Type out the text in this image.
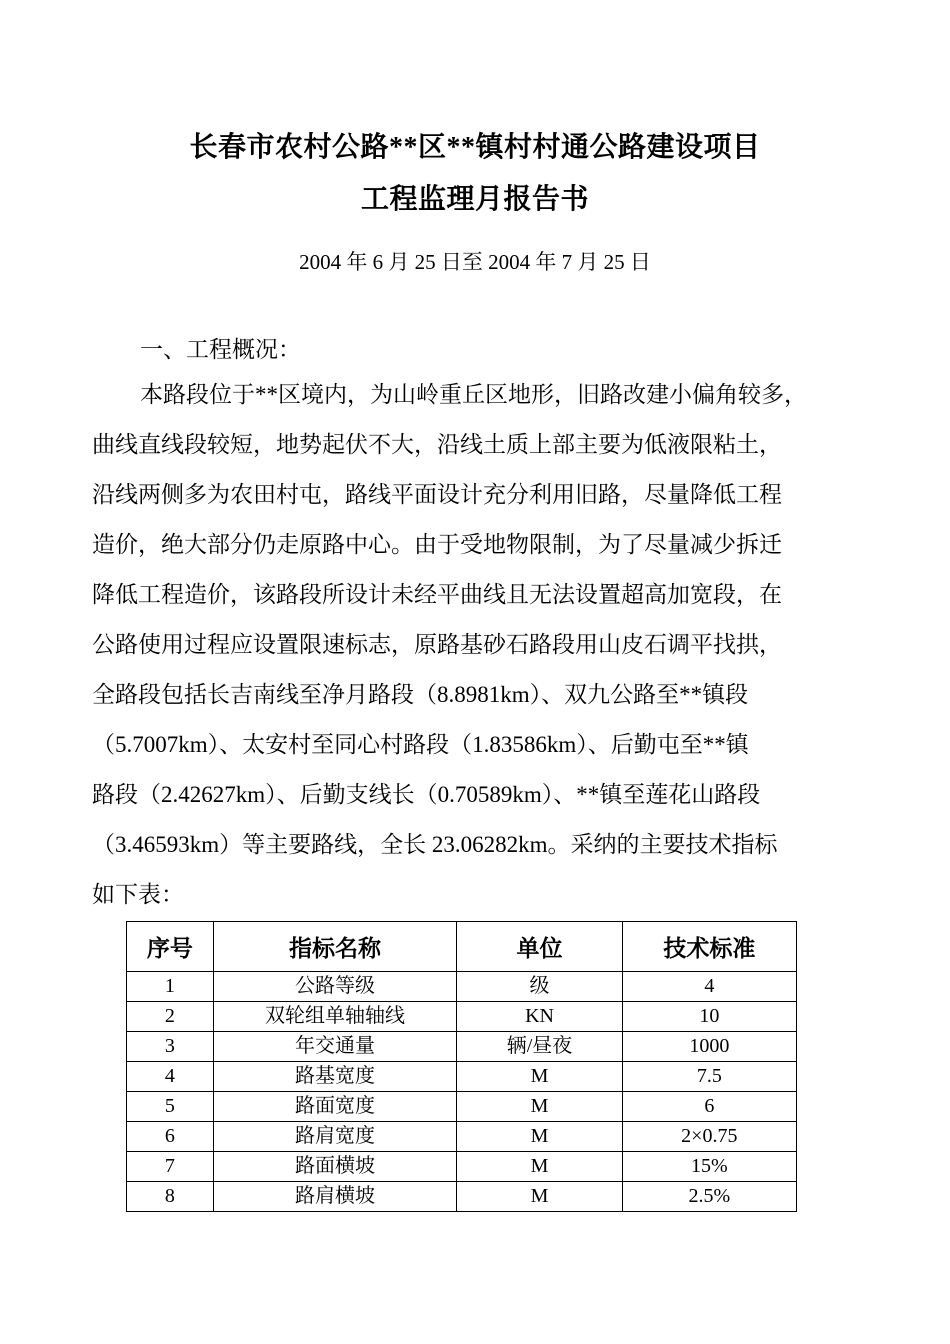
长春市农村公路**区**镇村村通公路建设项目
工程监理月报告书
2004 年 6 月 25 日至 2004 年 7 月 25 日
一、工程概况：
本路段位于**区境内，为山岭重丘区地形，旧路改建小偏角较多，
曲线直线段较短，地势起伏不大，沿线土质上部主要为低液限粘土，
沿线两侧多为农田村屯，路线平面设计充分利用旧路，尽量降低工程
造价，绝大部分仍走原路中心。由于受地物限制，为了尽量减少拆迁
降低工程造价，该路段所设计未经平曲线且无法设置超高加宽段，在
公路使用过程应设置限速标志，原路基砂石路段用山皮石调平找拱，
全路段包括长吉南线至净月路段（8.8981km）、双九公路至**镇段
（5.7007km）、太安村至同心村路段（1.83586km）、后勤屯至**镇
路段（2.42627km）、后勤支线长（0.70589km）、**镇至莲花山路段
（3.46593km）等主要路线，全长 23.06282km。采纳的主要技术指标
如下表：
序号	指标名称	单位	技术标准
1	公路等级	级	4
2	双轮组单轴轴线	KN	10
3	年交通量	辆/昼夜	1000
4	路基宽度	M	7.5
5	路面宽度	M	6
6	路肩宽度	M	2×0.75
7	路面横坡	M	15%
8	路肩横坡	M	2.5%
